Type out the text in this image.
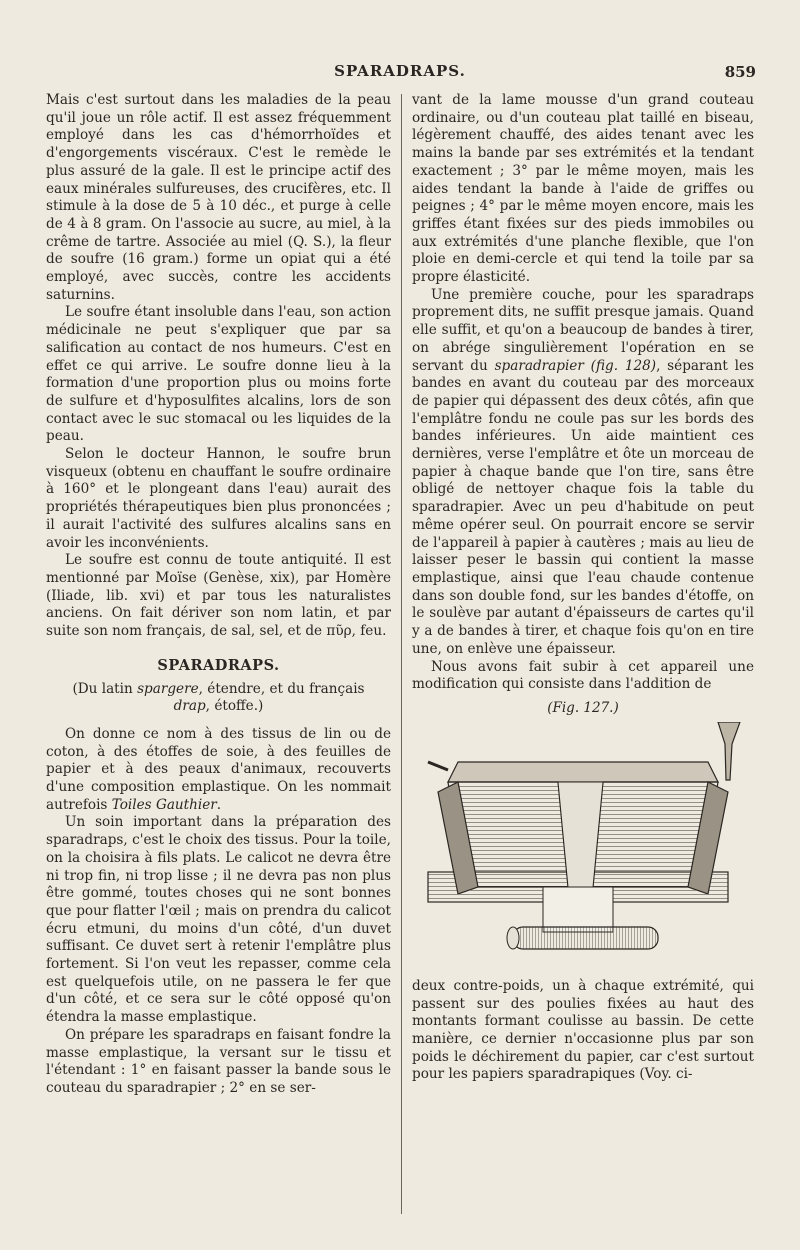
SPARADRAPS.	859

Mais c'est surtout dans les maladies de la peau qu'il joue un rôle actif. Il est assez fréquemment employé dans les cas d'hémorrhoïdes et d'engorgements viscéraux. C'est le remède le plus assuré de la gale. Il est le principe actif des eaux minérales sulfureuses, des crucifères, etc. Il stimule à la dose de 5 à 10 déc., et purge à celle de 4 à 8 gram. On l'associe au sucre, au miel, à la crême de tartre. Associée au miel (Q. S.), la fleur de soufre (16 gram.) forme un opiat qui a été employé, avec succès, contre les accidents saturnins.

Le soufre étant insoluble dans l'eau, son action médicinale ne peut s'expliquer que par sa salification au contact de nos humeurs. C'est en effet ce qui arrive. Le soufre donne lieu à la formation d'une proportion plus ou moins forte de sulfure et d'hyposulfites alcalins, lors de son contact avec le suc stomacal ou les liquides de la peau.

Selon le docteur Hannon, le soufre brun visqueux (obtenu en chauffant le soufre ordinaire à 160° et le plongeant dans l'eau) aurait des propriétés thérapeutiques bien plus prononcées ; il aurait l'activité des sulfures alcalins sans en avoir les inconvénients.

Le soufre est connu de toute antiquité. Il est mentionné par Moïse (Genèse, xix), par Homère (Iliade, lib. xvi) et par tous les naturalistes anciens. On fait dériver son nom latin, et par suite son nom français, de sal, sel, et de πῦρ, feu.

SPARADRAPS.
(Du latin spargere, étendre, et du français drap, étoffe.)

On donne ce nom à des tissus de lin ou de coton, à des étoffes de soie, à des feuilles de papier et à des peaux d'animaux, recouverts d'une composition emplastique. On les nommait autrefois Toiles Gauthier.

Un soin important dans la préparation des sparadraps, c'est le choix des tissus. Pour la toile, on la choisira à fils plats. Le calicot ne devra être ni trop fin, ni trop lisse ; il ne devra pas non plus être gommé, toutes choses qui ne sont bonnes que pour flatter l'œil ; mais on prendra du calicot écru etmuni, du moins d'un côté, d'un duvet suffisant. Ce duvet sert à retenir l'emplâtre plus fortement. Si l'on veut les repasser, comme cela est quelquefois utile, on ne passera le fer que d'un côté, et ce sera sur le côté opposé qu'on étendra la masse emplastique.

On prépare les sparadraps en faisant fondre la masse emplastique, la versant sur le tissu et l'étendant : 1° en faisant passer la bande sous le couteau du sparadrapier ; 2° en se ser-

vant de la lame mousse d'un grand couteau ordinaire, ou d'un couteau plat taillé en biseau, légèrement chauffé, des aides tenant avec les mains la bande par ses extrémités et la tendant exactement ; 3° par le même moyen, mais les aides tendant la bande à l'aide de griffes ou peignes ; 4° par le même moyen encore, mais les griffes étant fixées sur des pieds immobiles ou aux extrémités d'une planche flexible, que l'on ploie en demi-cercle et qui tend la toile par sa propre élasticité.

Une première couche, pour les sparadraps proprement dits, ne suffit presque jamais. Quand elle suffit, et qu'on a beaucoup de bandes à tirer, on abrége singulièrement l'opération en se servant du sparadrapier (fig. 128), séparant les bandes en avant du couteau par des morceaux de papier qui dépassent des deux côtés, afin que l'emplâtre fondu ne coule pas sur les bords des bandes inférieures. Un aide maintient ces dernières, verse l'emplâtre et ôte un morceau de papier à chaque bande que l'on tire, sans être obligé de nettoyer chaque fois la table du sparadrapier. Avec un peu d'habitude on peut même opérer seul. On pourrait encore se servir de l'appareil à papier à cautères ; mais au lieu de laisser peser le bassin qui contient la masse emplastique, ainsi que l'eau chaude contenue dans son double fond, sur les bandes d'étoffe, on le soulève par autant d'épaisseurs de cartes qu'il y a de bandes à tirer, et chaque fois qu'on en tire une, on enlève une épaisseur.

Nous avons fait subir à cet appareil une modification qui consiste dans l'addition de

(Fig. 127.)

deux contre-poids, un à chaque extrémité, qui passent sur des poulies fixées au haut des montants formant coulisse au bassin. De cette manière, ce dernier n'occasionne plus par son poids le déchirement du papier, car c'est surtout pour les papiers sparadrapiques (Voy. ci-
